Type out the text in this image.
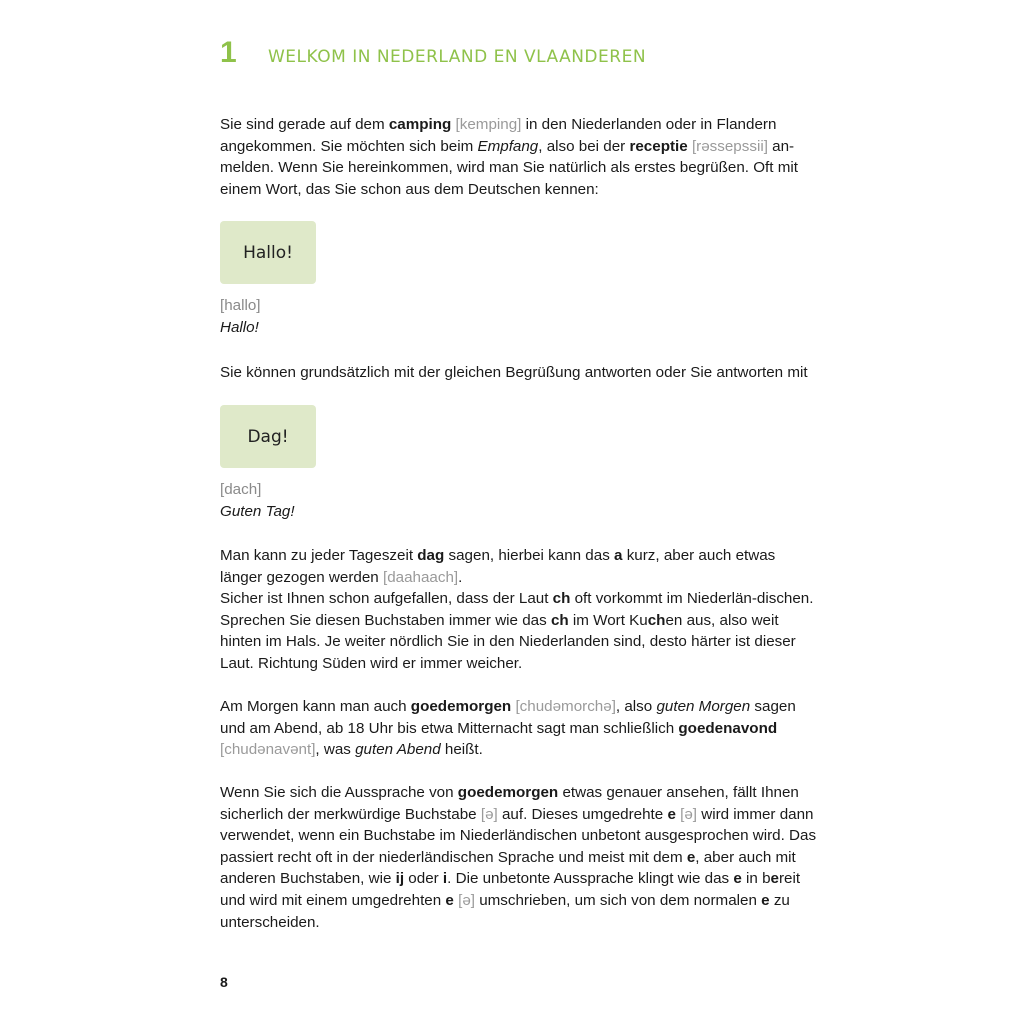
1	WELKOM IN NEDERLAND EN VLAANDEREN

Sie sind gerade auf dem camping [kemping] in den Niederlanden oder in Flandern angekommen. Sie möchten sich beim Empfang, also bei der receptie [rəssepssii] an-melden. Wenn Sie hereinkommen, wird man Sie natürlich als erstes begrüßen. Oft mit einem Wort, das Sie schon aus dem Deutschen kennen:

Hallo!
[hallo]
Hallo!

Sie können grundsätzlich mit der gleichen Begrüßung antworten oder Sie antworten mit

Dag!
[dach]
Guten Tag!

Man kann zu jeder Tageszeit dag sagen, hierbei kann das a kurz, aber auch etwas länger gezogen werden [daahaach].
Sicher ist Ihnen schon aufgefallen, dass der Laut ch oft vorkommt im Niederlän-dischen. Sprechen Sie diesen Buchstaben immer wie das ch im Wort Kuchen aus, also weit hinten im Hals. Je weiter nördlich Sie in den Niederlanden sind, desto härter ist dieser Laut. Richtung Süden wird er immer weicher.

Am Morgen kann man auch goedemorgen [chudəmorchə], also guten Morgen sagen und am Abend, ab 18 Uhr bis etwa Mitternacht sagt man schließlich goedenavond [chudənavənt], was guten Abend heißt.

Wenn Sie sich die Aussprache von goedemorgen etwas genauer ansehen, fällt Ihnen sicherlich der merkwürdige Buchstabe [ə] auf. Dieses umgedrehte e [ə] wird immer dann verwendet, wenn ein Buchstabe im Niederländischen unbetont ausgesprochen wird. Das passiert recht oft in der niederländischen Sprache und meist mit dem e, aber auch mit anderen Buchstaben, wie ij oder i. Die unbetonte Aussprache klingt wie das e in bereit und wird mit einem umgedrehten e [ə] umschrieben, um sich von dem normalen e zu unterscheiden.

8
